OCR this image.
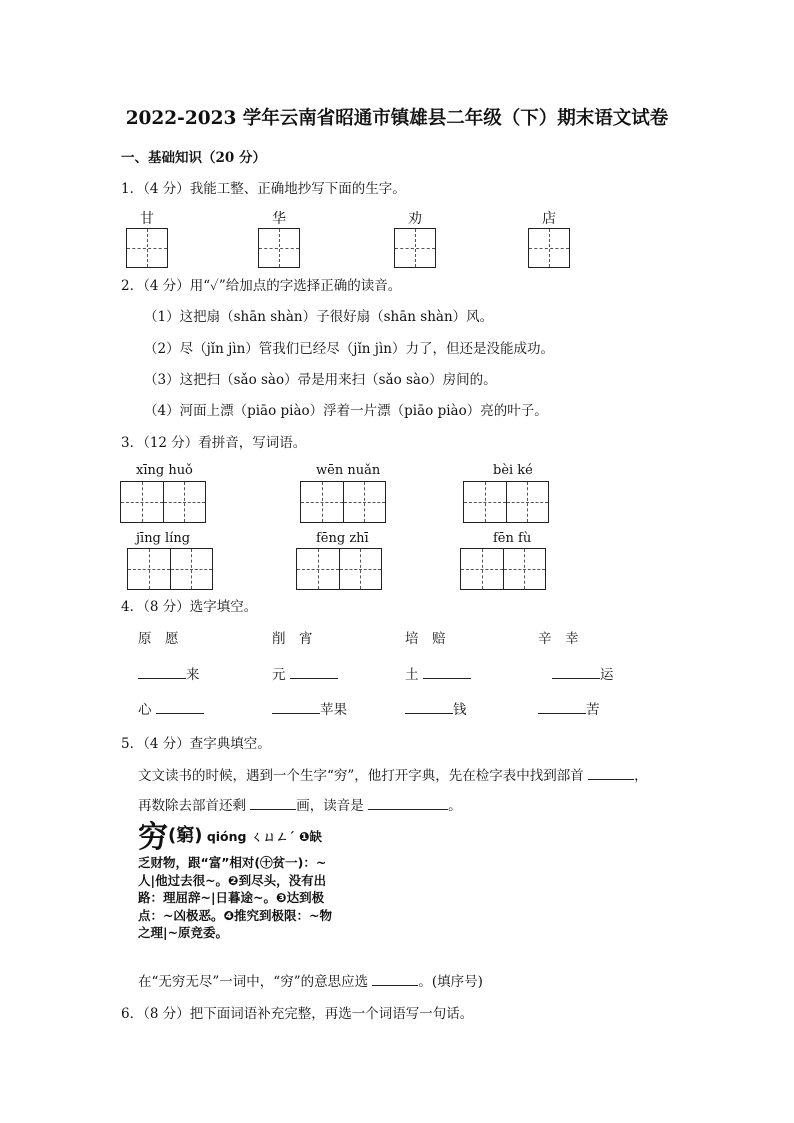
2022-2023 学年云南省昭通市镇雄县二年级（下）期末语文试卷
一、基础知识（20 分）
1．（4 分）我能工整、正确地抄写下面的生字。
甘	华	劝	店
2．（4 分）用“✓”给加点的字选择正确的读音。
（1）这把扇（shān shàn）子很好扇（shān shàn）风。
（2）尽（jǐn jìn）管我们已经尽（jǐn jìn）力了，但还是没能成功。
（3）这把扫（sǎo sào）帚是用来扫（sǎo sào）房间的。
（4）河面上漂（piāo piào）浮着一片漂（piāo piào）亮的叶子。
3．（12 分）看拼音，写词语。
xīng huǒ	wēn nuǎn	bèi ké
jīng líng	fēng zhī	fēn fù
4．（8 分）选字填空。
原　愿	削　宵	培　赔	辛　幸
来	元	土	运
心	苹果	钱	苦
5．（4 分）查字典填空。
文文读书的时候，遇到一个生字“穷”，他打开字典，先在检字表中找到部首	，
再数除去部首还剩	画，读音是	。
穷(窮) qióng ㄑㄩㄥˊ ❶缺乏财物，跟“富”相对(㊉贫一)：~人|他过去很~。❷到尽头，没有出路：理屈辞~|日暮途~。❸达到极点：~凶极恶。❹推究到极限：~物之理|~原竞委。
在“无穷无尽”一词中，“穷”的意思应选	。(填序号)
6．（8 分）把下面词语补充完整，再选一个词语写一句话。
